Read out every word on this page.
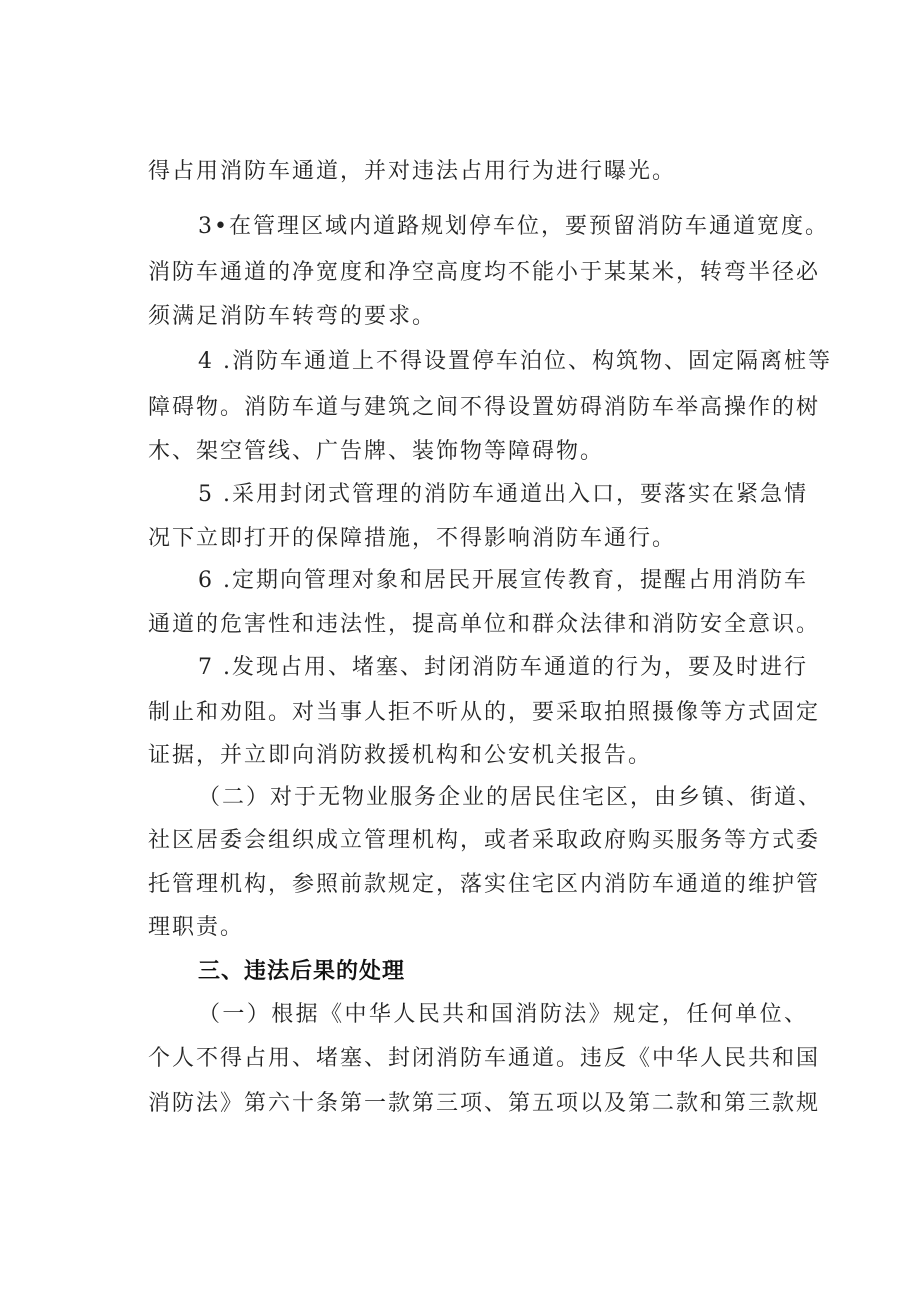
得占用消防车通道，并对违法占用行为进行曝光。
3•在管理区域内道路规划停车位，要预留消防车通道宽度。
消防车通道的净宽度和净空高度均不能小于某某米，转弯半径必
须满足消防车转弯的要求。
4 .消防车通道上不得设置停车泊位、构筑物、固定隔离桩等
障碍物。消防车道与建筑之间不得设置妨碍消防车举高操作的树
木、架空管线、广告牌、装饰物等障碍物。
5 .采用封闭式管理的消防车通道出入口，要落实在紧急情
况下立即打开的保障措施，不得影响消防车通行。
6 .定期向管理对象和居民开展宣传教育，提醒占用消防车
通道的危害性和违法性，提高单位和群众法律和消防安全意识。
7 .发现占用、堵塞、封闭消防车通道的行为，要及时进行
制止和劝阻。对当事人拒不听从的，要采取拍照摄像等方式固定
证据，并立即向消防救援机构和公安机关报告。
（二）对于无物业服务企业的居民住宅区，由乡镇、街道、
社区居委会组织成立管理机构，或者采取政府购买服务等方式委
托管理机构，参照前款规定，落实住宅区内消防车通道的维护管
理职责。
三、违法后果的处理
（一）根据《中华人民共和国消防法》规定，任何单位、
个人不得占用、堵塞、封闭消防车通道。违反《中华人民共和国
消防法》第六十条第一款第三项、第五项以及第二款和第三款规
